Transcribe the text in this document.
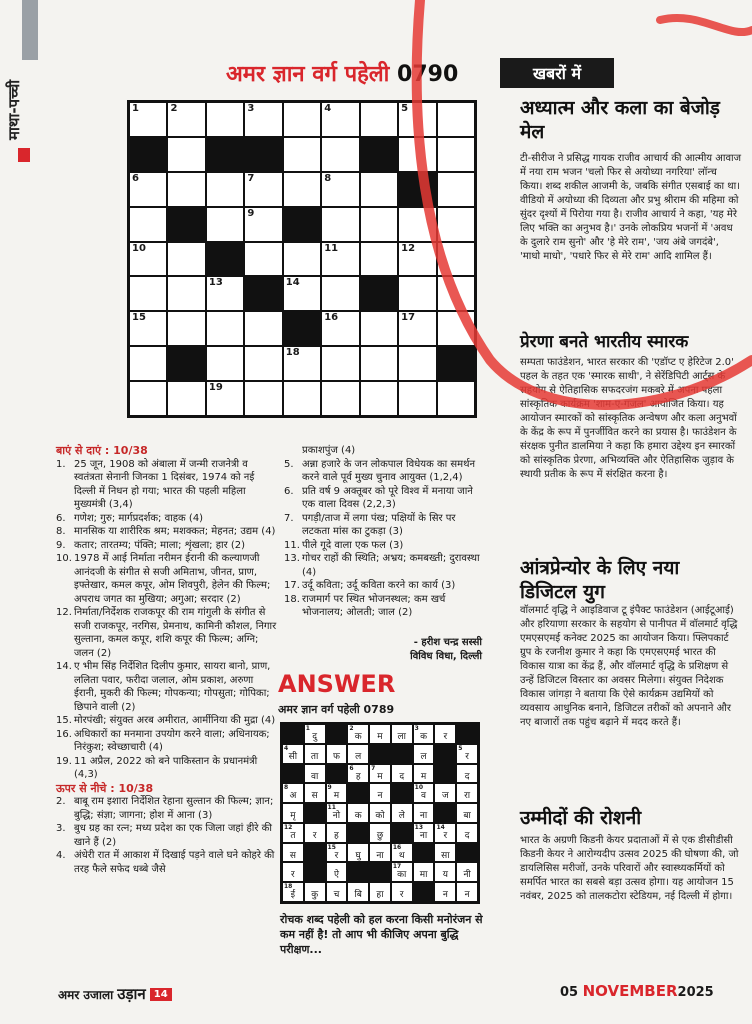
माथा-पच्ची
अमर ज्ञान वर्ग पहेली 0790
1	2	3	4	5
6	7	8
9
10	11	12
13	14
15	16	17
18
19
बाएं से दाएं : 10/38
1. 25 जून, 1908 को अंबाला में जन्मी राजनेत्री व स्वतंत्रता सेनानी जिनका 1 दिसंबर, 1974 को नई दिल्ली में निधन हो गया; भारत की पहली महिला मुख्यमंत्री (3,4)
6. गणेश; गुरु; मार्गप्रदर्शक; वाहक (4)
8. मानसिक या शारीरिक श्रम; मशक्कत; मेहनत; उद्यम (4)
9. कतार; तारतम्य; पंक्ति; माला; शृंखला; हार (2)
10. 1978 में आई निर्माता नरीमन ईरानी की कल्याणजी आनंदजी के संगीत से सजी अमिताभ, जीनत, प्राण, इफ्तेखार, कमल कपूर, ओम शिवपुरी, हेलेन की फिल्म; अपराध जगत का मुखिया; अगुआ; सरदार (2)
12. निर्माता/निर्देशक राजकपूर की राम गांगुली के संगीत से सजी राजकपूर, नरगिस, प्रेमनाथ, कामिनी कौशल, निगार सुल्ताना, कमल कपूर, शशि कपूर की फिल्म; अग्नि; जलन (2)
14. ए भीम सिंह निर्देशित दिलीप कुमार, सायरा बानो, प्राण, ललिता पवार, फरीदा जलाल, ओम प्रकाश, अरुणा ईरानी, मुकरी की फिल्म; गोपकन्या; गोपसुता; गोपिका; छिपाने वाली (2)
15. मोरपंखी; संयुक्त अरब अमीरात, आर्मीनिया की मुद्रा (4)
16. अधिकारों का मनमाना उपयोग करने वाला; अधिनायक; निरंकुश; स्वेच्छाचारी (4)
19. 11 अप्रैल, 2022 को बने पाकिस्तान के प्रधानमंत्री (4,3)
ऊपर से नीचे : 10/38
2. बाबू राम इशारा निर्देशित रेहाना सुल्तान की फिल्म; ज्ञान; बुद्धि; संज्ञा; जागना; होश में आना (3)
3. बुध ग्रह का रत्न; मध्य प्रदेश का एक जिला जहां हीरे की खाने हैं (2)
4. अंधेरी रात में आकाश में दिखाई पड़ने वाले घने कोहरे की तरह फैले सफेद धब्बे जैसे
प्रकाशपुंज (4)
5. अन्ना हजारे के जन लोकपाल विधेयक का समर्थन करने वाले पूर्व मुख्य चुनाव आयुक्त (1,2,4)
6. प्रति वर्ष 9 अक्तूबर को पूरे विश्व में मनाया जाने एक वाला दिवस (2,2,3)
7. पगड़ी/ताज में लगा पंख; पक्षियों के सिर पर लटकता मांस का टुकड़ा (3)
11. पीले गूदे वाला एक फल (3)
13. गोचर राहों की स्थिति; अभ्रय; कमबख्ती; दुरावस्था (4)
17. उर्दू कविता; उर्दू कविता करने का कार्य (3)
18. राजमार्ग पर स्थित भोजनस्थल; कम खर्च भोजनालय; ओलती; जाल (2)
- हरीश चन्द्र सस्सी
विविध विधा, दिल्ली
ANSWER
अमर ज्ञान वर्ग पहेली 0789
1
दु
2
क	म	ला
3
क	र
4
सी	ता	फ	ल	ल
5
र
वा
6
ह
7
म	द	म	द
8
अ	स
9
म	न
10
व	ज	रा
मृ
11
नो	क	को	ले	ना	बा
12
त	र	ह	छु
13
ना
14
र	द
स
15
र	घु	ना
16
थ	सा
र	ऐ
17
का	मा	य	नी
18
ई	कु	च	बि	हा	र	न	न
रोचक शब्द पहेली को हल करना किसी मनोरंजन से कम नहीं है! तो आप भी कीजिए अपना बुद्धि परीक्षण...
खबरों में
अध्यात्म और कला का बेजोड़ मेल
टी-सीरीज ने प्रसिद्ध गायक राजीव आचार्य की आत्मीय आवाज में नया राम भजन 'चलो फिर से अयोध्या नगरिया' लॉन्च किया। शब्द शकील आजमी के, जबकि संगीत एसबाई का था। वीडियो में अयोध्या की दिव्यता और प्रभु श्रीराम की महिमा को सुंदर दृश्यों में पिरोया गया है। राजीव आचार्य ने कहा, 'यह मेरे लिए भक्ति का अनुभव है।' उनके लोकप्रिय भजनों में 'अवध के दुलारे राम सुनो' और 'हे मेरे राम', 'जय अंबे जगदंबे', 'माधो माधो', 'पधारे फिर से मेरे राम' आदि शामिल हैं।
प्रेरणा बनते भारतीय स्मारक
सम्पता फाउंडेशन, भारत सरकार की 'एडॉप्ट ए हेरिटेज 2.0' पहल के तहत एक 'स्मारक साथी', ने सेरेंडिपिटी आर्ट्स के सहयोग से ऐतिहासिक सफदरजंग मकबरे में अपना पहला सांस्कृतिक कार्यक्रम 'शाम-ए-गजल' आयोजित किया। यह आयोजन स्मारकों को सांस्कृतिक अन्वेषण और कला अनुभवों के केंद्र के रूप में पुनर्जीवित करने का प्रयास है। फाउंडेशन के संरक्षक पुनीत डालमिया ने कहा कि हमारा उद्देश्य इन स्मारकों को सांस्कृतिक प्रेरणा, अभिव्यक्ति और ऐतिहासिक जुड़ाव के स्थायी प्रतीक के रूप में संरक्षित करना है।
आंत्रप्रेन्योर के लिए नया डिजिटल युग
वॉलमार्ट वृद्धि ने आइडिवाज टू इंपैक्ट फाउंडेशन (आईटूआई) और हरियाणा सरकार के सहयोग से पानीपत में वॉलमार्ट वृद्धि एमएसएमई कनेक्ट 2025 का आयोजन किया। फ्लिपकार्ट ग्रुप के रजनीश कुमार ने कहा कि एमएसएमई भारत की विकास यात्रा का केंद्र हैं, और वॉलमार्ट वृद्धि के प्रशिक्षण से उन्हें डिजिटल विस्तार का अवसर मिलेगा। संयुक्त निदेशक विकास जांगड़ा ने बताया कि ऐसे कार्यक्रम उद्यमियों को व्यवसाय आधुनिक बनाने, डिजिटल तरीकों को अपनाने और नए बाजारों तक पहुंच बढ़ाने में मदद करते हैं।
उम्मीदों की रोशनी
भारत के अग्रणी किडनी केयर प्रदाताओं में से एक डीसीडीसी किडनी केयर ने आरोग्यदीप उत्सव 2025 की घोषणा की, जो डायलिसिस मरीजों, उनके परिवारों और स्वास्थ्यकर्मियों को समर्पित भारत का सबसे बड़ा उत्सव होगा। यह आयोजन 15 नवंबर, 2025 को तालकटोरा स्टेडियम, नई दिल्ली में होगा।
अमर उजाला उड़ान 14	05 NOVEMBER2025
